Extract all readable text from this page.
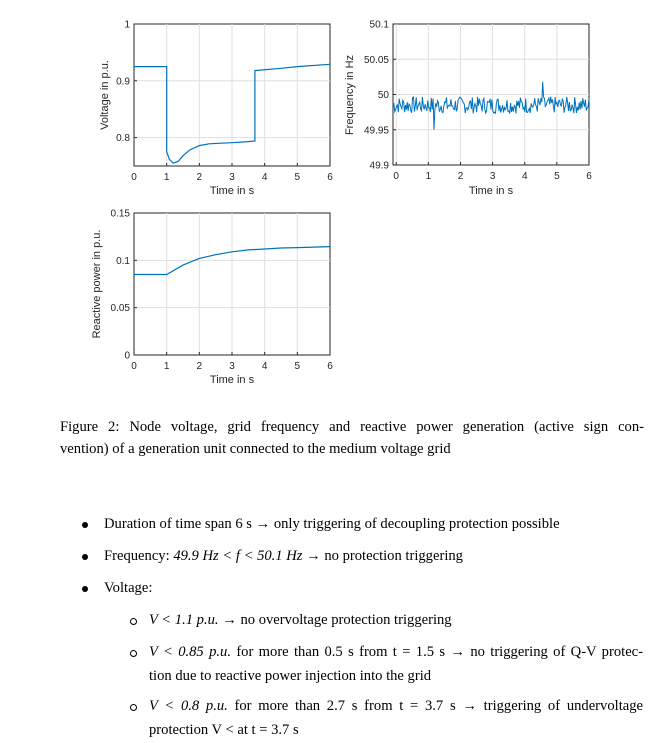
0	1	2	3	4	5	6
0.8
0.9
1
Voltage in p.u.
Time in s
0	1	2	3	4	5	6
49.9
49.95
50
50.05
50.1
Frequency in Hz
Time in s
0	1	2	3	4	5	6
0
0.05
0.1
0.15
Reactive power in p.u.
Time in s
Figure 2: Node voltage, grid frequency and reactive power generation (active sign con-
vention) of a generation unit connected to the medium voltage grid
Duration of time span 6 s → only triggering of decoupling protection possible
Frequency: 49.9 Hz < f < 50.1 Hz → no protection triggering
Voltage:
V < 1.1 p.u. → no overvoltage protection triggering
V < 0.85 p.u. for more than 0.5 s from t = 1.5 s → no triggering of Q-V protec-
tion due to reactive power injection into the grid
V < 0.8 p.u. for more than 2.7 s from t = 3.7 s → triggering of undervoltage
protection V < at t = 3.7 s
